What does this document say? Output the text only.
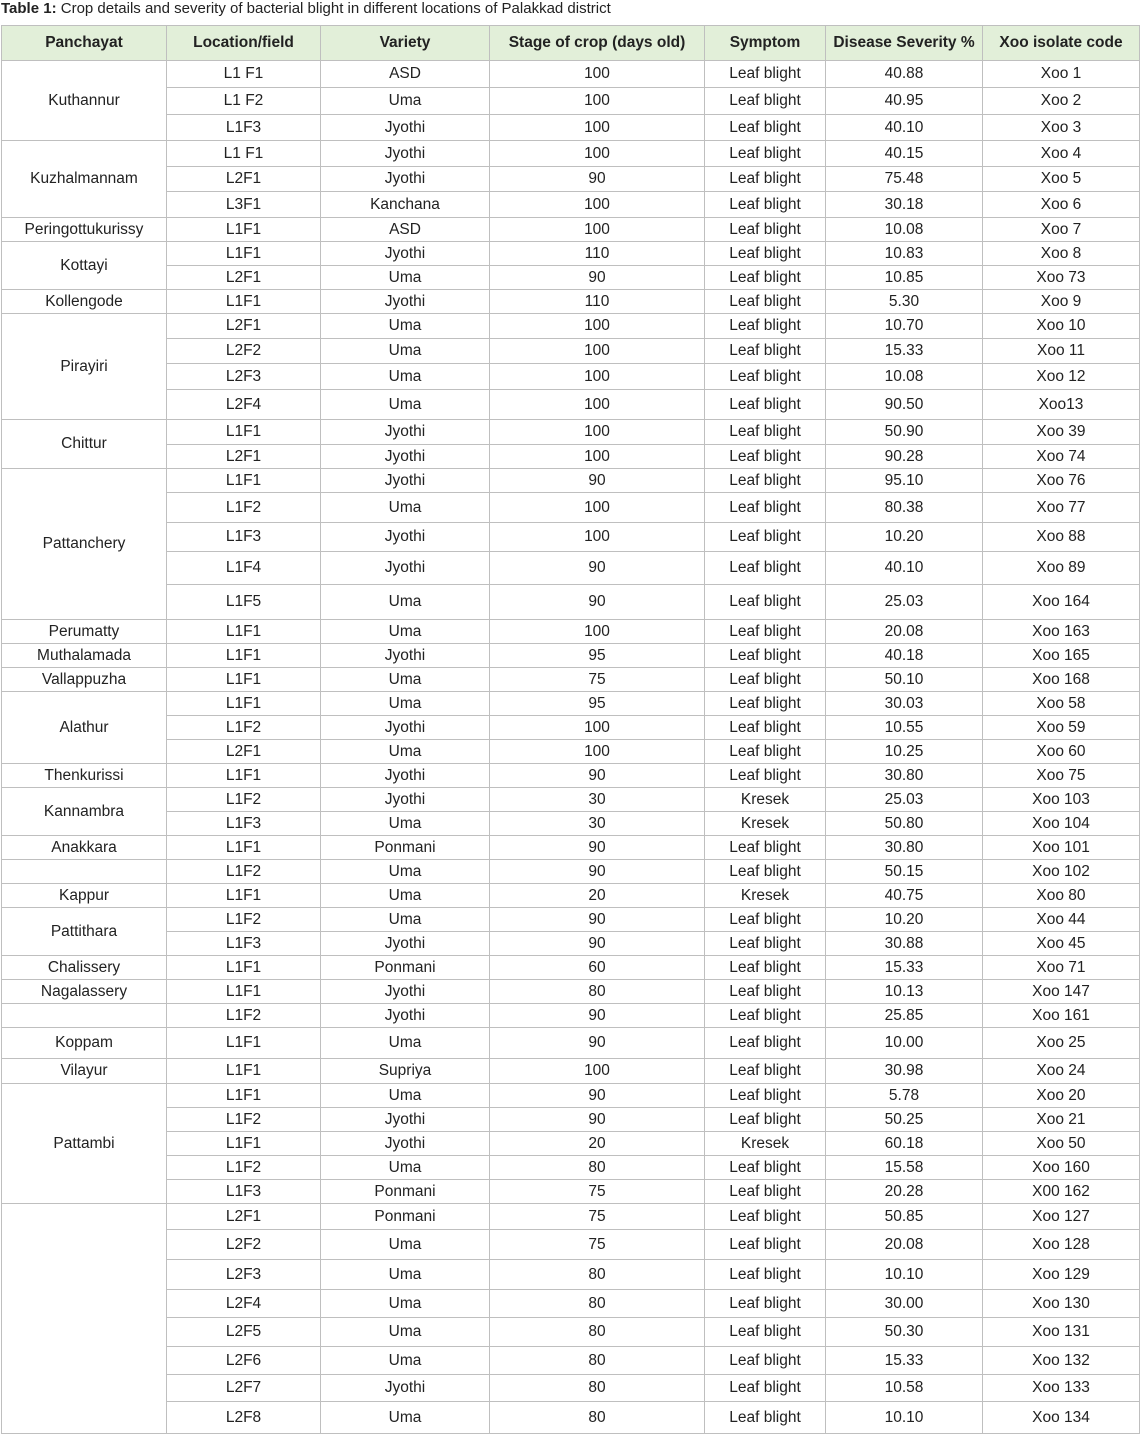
Table 1: Crop details and severity of bacterial blight in different locations of Palakkad district
Panchayat	Location/field	Variety	Stage of crop (days old)	Symptom	Disease Severity %	Xoo isolate code
Kuthannur	L1 F1	ASD	100	Leaf blight	40.88	Xoo 1
	L1 F2	Uma	100	Leaf blight	40.95	Xoo 2
	L1F3	Jyothi	100	Leaf blight	40.10	Xoo 3
Kuzhalmannam	L1 F1	Jyothi	100	Leaf blight	40.15	Xoo 4
	L2F1	Jyothi	90	Leaf blight	75.48	Xoo 5
	L3F1	Kanchana	100	Leaf blight	30.18	Xoo 6
Peringottukurissy	L1F1	ASD	100	Leaf blight	10.08	Xoo 7
Kottayi	L1F1	Jyothi	110	Leaf blight	10.83	Xoo 8
	L2F1	Uma	90	Leaf blight	10.85	Xoo 73
Kollengode	L1F1	Jyothi	110	Leaf blight	5.30	Xoo 9
Pirayiri	L2F1	Uma	100	Leaf blight	10.70	Xoo 10
	L2F2	Uma	100	Leaf blight	15.33	Xoo 11
	L2F3	Uma	100	Leaf blight	10.08	Xoo 12
	L2F4	Uma	100	Leaf blight	90.50	Xoo13
Chittur	L1F1	Jyothi	100	Leaf blight	50.90	Xoo 39
	L2F1	Jyothi	100	Leaf blight	90.28	Xoo 74
Pattanchery	L1F1	Jyothi	90	Leaf blight	95.10	Xoo 76
	L1F2	Uma	100	Leaf blight	80.38	Xoo 77
	L1F3	Jyothi	100	Leaf blight	10.20	Xoo 88
	L1F4	Jyothi	90	Leaf blight	40.10	Xoo 89
	L1F5	Uma	90	Leaf blight	25.03	Xoo 164
Perumatty	L1F1	Uma	100	Leaf blight	20.08	Xoo 163
Muthalamada	L1F1	Jyothi	95	Leaf blight	40.18	Xoo 165
Vallappuzha	L1F1	Uma	75	Leaf blight	50.10	Xoo 168
Alathur	L1F1	Uma	95	Leaf blight	30.03	Xoo 58
	L1F2	Jyothi	100	Leaf blight	10.55	Xoo 59
	L2F1	Uma	100	Leaf blight	10.25	Xoo 60
Thenkurissi	L1F1	Jyothi	90	Leaf blight	30.80	Xoo 75
Kannambra	L1F2	Jyothi	30	Kresek	25.03	Xoo 103
	L1F3	Uma	30	Kresek	50.80	Xoo 104
Anakkara	L1F1	Ponmani	90	Leaf blight	30.80	Xoo 101
	L1F2	Uma	90	Leaf blight	50.15	Xoo 102
Kappur	L1F1	Uma	20	Kresek	40.75	Xoo 80
Pattithara	L1F2	Uma	90	Leaf blight	10.20	Xoo 44
	L1F3	Jyothi	90	Leaf blight	30.88	Xoo 45
Chalissery	L1F1	Ponmani	60	Leaf blight	15.33	Xoo 71
Nagalassery	L1F1	Jyothi	80	Leaf blight	10.13	Xoo 147
	L1F2	Jyothi	90	Leaf blight	25.85	Xoo 161
Koppam	L1F1	Uma	90	Leaf blight	10.00	Xoo 25
Vilayur	L1F1	Supriya	100	Leaf blight	30.98	Xoo 24
Pattambi	L1F1	Uma	90	Leaf blight	5.78	Xoo 20
	L1F2	Jyothi	90	Leaf blight	50.25	Xoo 21
	L1F1	Jyothi	20	Kresek	60.18	Xoo 50
	L1F2	Uma	80	Leaf blight	15.58	Xoo 160
	L1F3	Ponmani	75	Leaf blight	20.28	X00 162
	L2F1	Ponmani	75	Leaf blight	50.85	Xoo 127
	L2F2	Uma	75	Leaf blight	20.08	Xoo 128
	L2F3	Uma	80	Leaf blight	10.10	Xoo 129
	L2F4	Uma	80	Leaf blight	30.00	Xoo 130
	L2F5	Uma	80	Leaf blight	50.30	Xoo 131
	L2F6	Uma	80	Leaf blight	15.33	Xoo 132
	L2F7	Jyothi	80	Leaf blight	10.58	Xoo 133
	L2F8	Uma	80	Leaf blight	10.10	Xoo 134
